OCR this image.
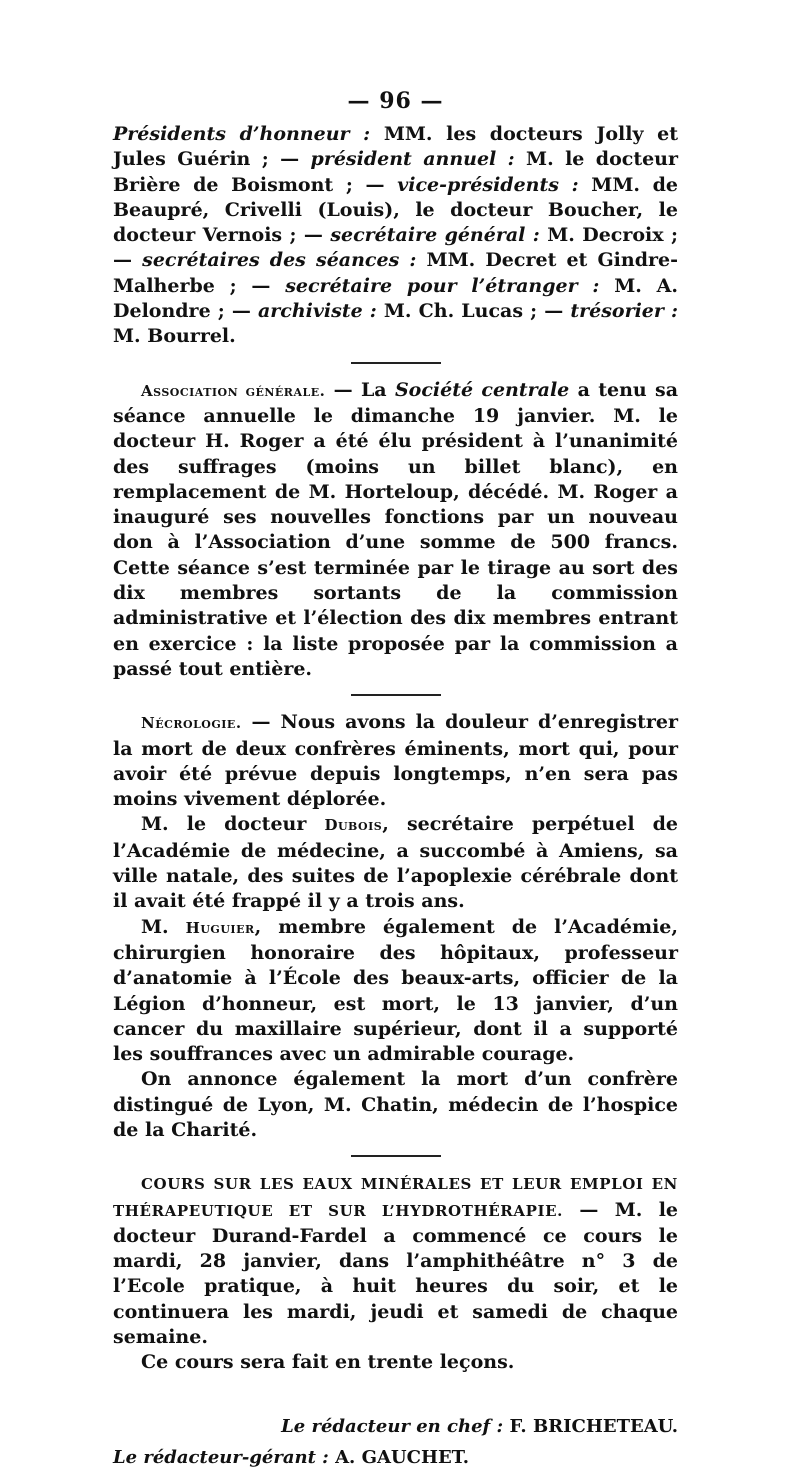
— 96 —

Présidents d’honneur : MM. les docteurs Jolly et Jules Guérin ; — président annuel : M. le docteur Brière de Boismont ; — vice-présidents : MM. de Beaupré, Crivelli (Louis), le docteur Boucher, le docteur Vernois ; — secrétaire général : M. Decroix ; — secrétaires des séances : MM. Decret et Gindre-Malherbe ; — secrétaire pour l’étranger : M. A. Delondre ; — archiviste : M. Ch. Lucas ; — trésorier : M. Bourrel.

Association générale. — La Société centrale a tenu sa séance annuelle le dimanche 19 janvier. M. le docteur H. Roger a été élu président à l’unanimité des suffrages (moins un billet blanc), en remplacement de M. Horteloup, décédé. M. Roger a inauguré ses nouvelles fonctions par un nouveau don à l’Association d’une somme de 500 francs. Cette séance s’est terminée par le tirage au sort des dix membres sortants de la commission administrative et l’élection des dix membres entrant en exercice : la liste proposée par la commission a passé tout entière.

Nécrologie. — Nous avons la douleur d’enregistrer la mort de deux confrères éminents, mort qui, pour avoir été prévue depuis longtemps, n’en sera pas moins vivement déplorée.

M. le docteur Dubois, secrétaire perpétuel de l’Académie de médecine, a succombé à Amiens, sa ville natale, des suites de l’apoplexie cérébrale dont il avait été frappé il y a trois ans.

M. Huguier, membre également de l’Académie, chirurgien honoraire des hôpitaux, professeur d’anatomie à l’École des beaux-arts, officier de la Légion d’honneur, est mort, le 13 janvier, d’un cancer du maxillaire supérieur, dont il a supporté les souffrances avec un admirable courage.

On annonce également la mort d’un confrère distingué de Lyon, M. Chatin, médecin de l’hospice de la Charité.

COURS SUR LES EAUX MINÉRALES ET LEUR EMPLOI EN THÉRAPEUTIQUE ET SUR L’HYDROTHÉRAPIE. — M. le docteur Durand-Fardel a commencé ce cours le mardi, 28 janvier, dans l’amphithéâtre n° 3 de l’Ecole pratique, à huit heures du soir, et le continuera les mardi, jeudi et samedi de chaque semaine.

Ce cours sera fait en trente leçons.

Le rédacteur en chef : F. BRICHETEAU.
Le rédacteur-gérant : A. GAUCHET.
